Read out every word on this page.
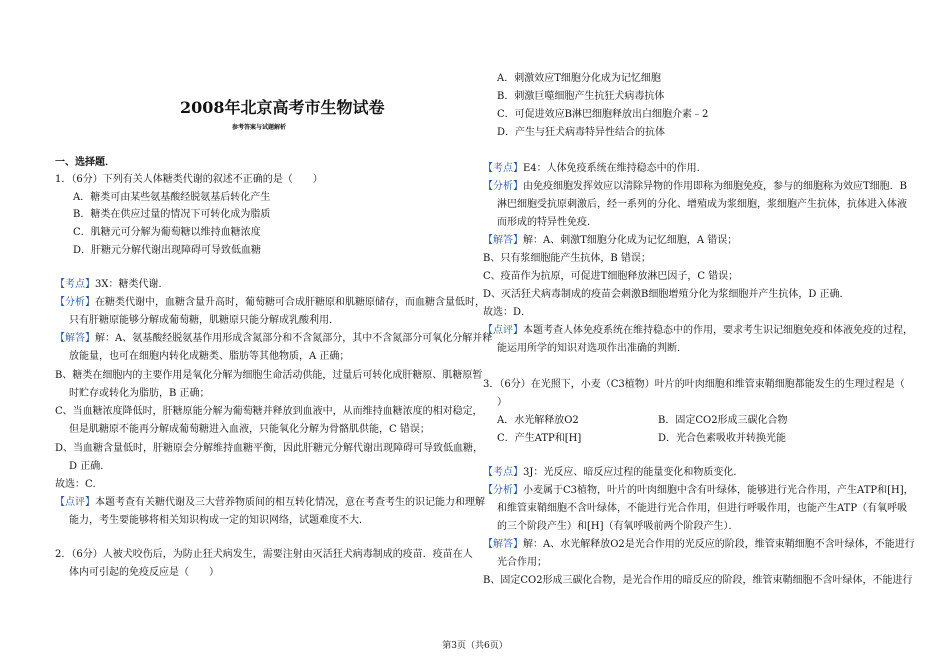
2008年北京高考市生物试卷
参考答案与试题解析
一、选择题．
1．（6分）下列有关人体糖类代谢的叙述不正确的是（　　）
A．糖类可由某些氨基酸经脱氨基后转化产生
B．糖类在供应过量的情况下可转化成为脂质
C．肌糖元可分解为葡萄糖以维持血糖浓度
D．肝糖元分解代谢出现障碍可导致低血糖
【考点】3X：糖类代谢．
【分析】在糖类代谢中，血糖含量升高时，葡萄糖可合成肝糖原和肌糖原储存，而血糖含量低时，
只有肝糖原能够分解成葡萄糖，肌糖原只能分解成乳酸利用．
【解答】解：A、氨基酸经脱氨基作用形成含氮部分和不含氮部分，其中不含氮部分可氧化分解并释
放能量，也可在细胞内转化成糖类、脂肪等其他物质，A 正确；
B、糖类在细胞内的主要作用是氧化分解为细胞生命活动供能，过量后可转化成肝糖原、肌糖原暂
时贮存或转化为脂肪，B 正确；
C、当血糖浓度降低时，肝糖原能分解为葡萄糖并释放到血液中，从而维持血糖浓度的相对稳定，
但是肌糖原不能再分解成葡萄糖进入血液，只能氧化分解为骨骼肌供能，C 错误；
D、当血糖含量低时，肝糖原会分解维持血糖平衡，因此肝糖元分解代谢出现障碍可导致低血糖，
D 正确．
故选：C．
【点评】本题考查有关糖代谢及三大营养物质间的相互转化情况，意在考查考生的识记能力和理解
能力，考生要能够将相关知识构成一定的知识网络，试题难度不大．
2．（6分）人被犬咬伤后，为防止狂犬病发生，需要注射由灭活狂犬病毒制成的疫苗．疫苗在人
体内可引起的免疫反应是（　　）
A．刺激效应T细胞分化成为记忆细胞
B．刺激巨噬细胞产生抗狂犬病毒抗体
C．可促进效应B淋巴细胞释放出白细胞介素﹣2
D．产生与狂犬病毒特异性结合的抗体
【考点】E4：人体免疫系统在维持稳态中的作用．
【分析】由免疫细胞发挥效应以清除异物的作用即称为细胞免疫，参与的细胞称为效应T细胞．B
淋巴细胞受抗原刺激后，经一系列的分化、增殖成为浆细胞，浆细胞产生抗体，抗体进入体液
而形成的特异性免疫．
【解答】解：A、刺激T细胞分化成为记忆细胞，A 错误；
B、只有浆细胞能产生抗体，B 错误；
C、疫苗作为抗原，可促进T细胞释放淋巴因子，C 错误；
D、灭活狂犬病毒制成的疫苗会刺激B细胞增殖分化为浆细胞并产生抗体，D 正确．
故选：D．
【点评】本题考查人体免疫系统在维持稳态中的作用，要求考生识记细胞免疫和体液免疫的过程，
能运用所学的知识对选项作出准确的判断．
3．（6分）在光照下，小麦（C3植物）叶片的叶肉细胞和维管束鞘细胞都能发生的生理过程是（
）
A．水光解释放O2	B．固定CO2形成三碳化合物
C．产生ATP和[H]	D．光合色素吸收并转换光能
【考点】3J：光反应、暗反应过程的能量变化和物质变化．
【分析】小麦属于C3植物，叶片的叶肉细胞中含有叶绿体，能够进行光合作用，产生ATP和[H]，
和维管束鞘细胞不含叶绿体，不能进行光合作用，但进行呼吸作用，也能产生ATP（有氧呼吸
的三个阶段产生）和[H]（有氧呼吸前两个阶段产生）．
【解答】解：A、水光解释放O2是光合作用的光反应的阶段，维管束鞘细胞不含叶绿体，不能进行
光合作用；
B、固定CO2形成三碳化合物，是光合作用的暗反应的阶段，维管束鞘细胞不含叶绿体，不能进行
第3页（共6页）
